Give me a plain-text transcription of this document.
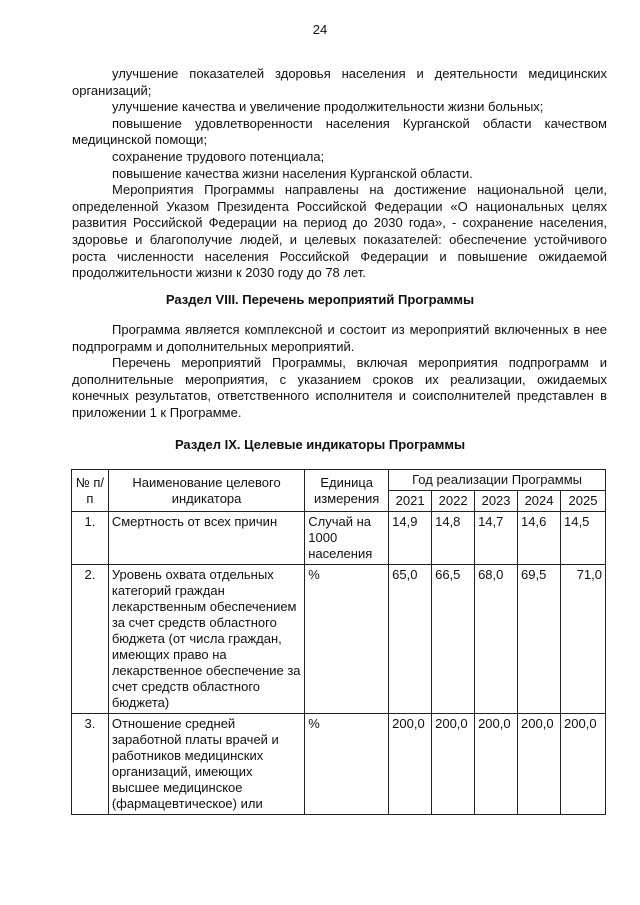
24

улучшение показателей здоровья населения и деятельности медицинских

организаций;

улучшение качества и увеличение продолжительности жизни больных;

повышение удовлетворенности населения Курганской области качеством

медицинской помощи;

сохранение трудового потенциала;

повышение качества жизни населения Курганской области.

Мероприятия Программы направлены на достижение национальной цели, определенной Указом Президента Российской Федерации «О национальных целях развития Российской Федерации на период до 2030 года», - сохранение населения, здоровье и благополучие людей, и целевых показателей: обеспечение устойчивого роста численности населения Российской Федерации и повышение ожидаемой продолжительности жизни к 2030 году до 78 лет.

Раздел VIII. Перечень мероприятий Программы

Программа является комплексной и состоит из мероприятий включенных в нее подпрограмм и дополнительных мероприятий.

Перечень мероприятий Программы, включая мероприятия подпрограмм и дополнительные мероприятия, с указанием сроков их реализации, ожидаемых конечных результатов, ответственного исполнителя и соисполнителей представлен в приложении 1 к Программе.

Раздел IX. Целевые индикаторы Программы
№ п/п	Наименование целевого индикатора	Единица измерения	Год реализации Программы				
			2021	2022	2023	2024	2025
1.	Смертность от всех причин	Случай на 1000 населения	14,9	14,8	14,7	14,6	14,5
2.	Уровень охвата отдельных категорий граждан лекарственным обеспечением за счет средств областного бюджета (от числа граждан, имеющих право на лекарственное обеспечение за счет средств областного бюджета)	%	65,0	66,5	68,0	69,5	71,0
3.	Отношение средней заработной платы врачей и работников медицинских организаций, имеющих высшее медицинское (фармацевтическое) или	%	200,0	200,0	200,0	200,0	200,0
